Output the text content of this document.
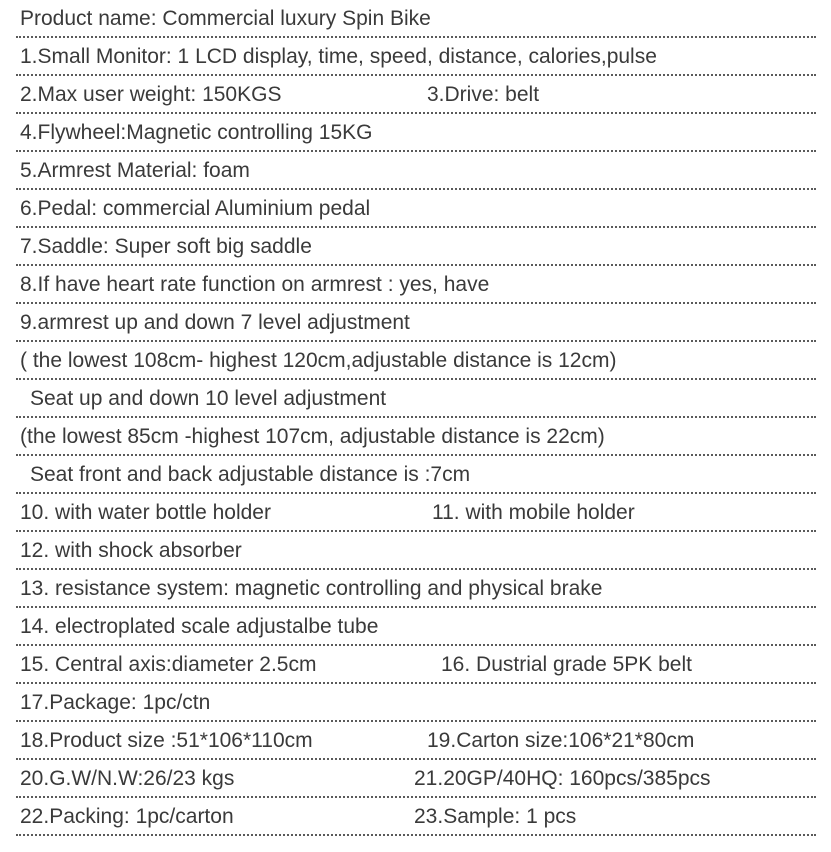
Product name: Commercial luxury Spin Bike
1.Small Monitor: 1 LCD display, time, speed, distance, calories,pulse
2.Max user weight: 150KGS	3.Drive: belt
4.Flywheel:Magnetic controlling 15KG
5.Armrest Material: foam
6.Pedal: commercial Aluminium pedal
7.Saddle: Super soft big saddle
8.If have heart rate function on armrest : yes, have
9.armrest up and down 7 level adjustment
( the lowest 108cm- highest 120cm,adjustable distance is 12cm)
Seat up and down 10 level adjustment
(the lowest 85cm -highest 107cm, adjustable distance is 22cm)
Seat front and back adjustable distance is :7cm
10. with water bottle holder	11. with mobile holder
12. with shock absorber
13. resistance system: magnetic controlling and physical brake
14. electroplated scale adjustalbe tube
15. Central axis:diameter 2.5cm	16. Dustrial grade 5PK belt
17.Package: 1pc/ctn
18.Product size :51*106*110cm	19.Carton size:106*21*80cm
20.G.W/N.W:26/23 kgs	21.20GP/40HQ: 160pcs/385pcs
22.Packing: 1pc/carton	23.Sample: 1 pcs
